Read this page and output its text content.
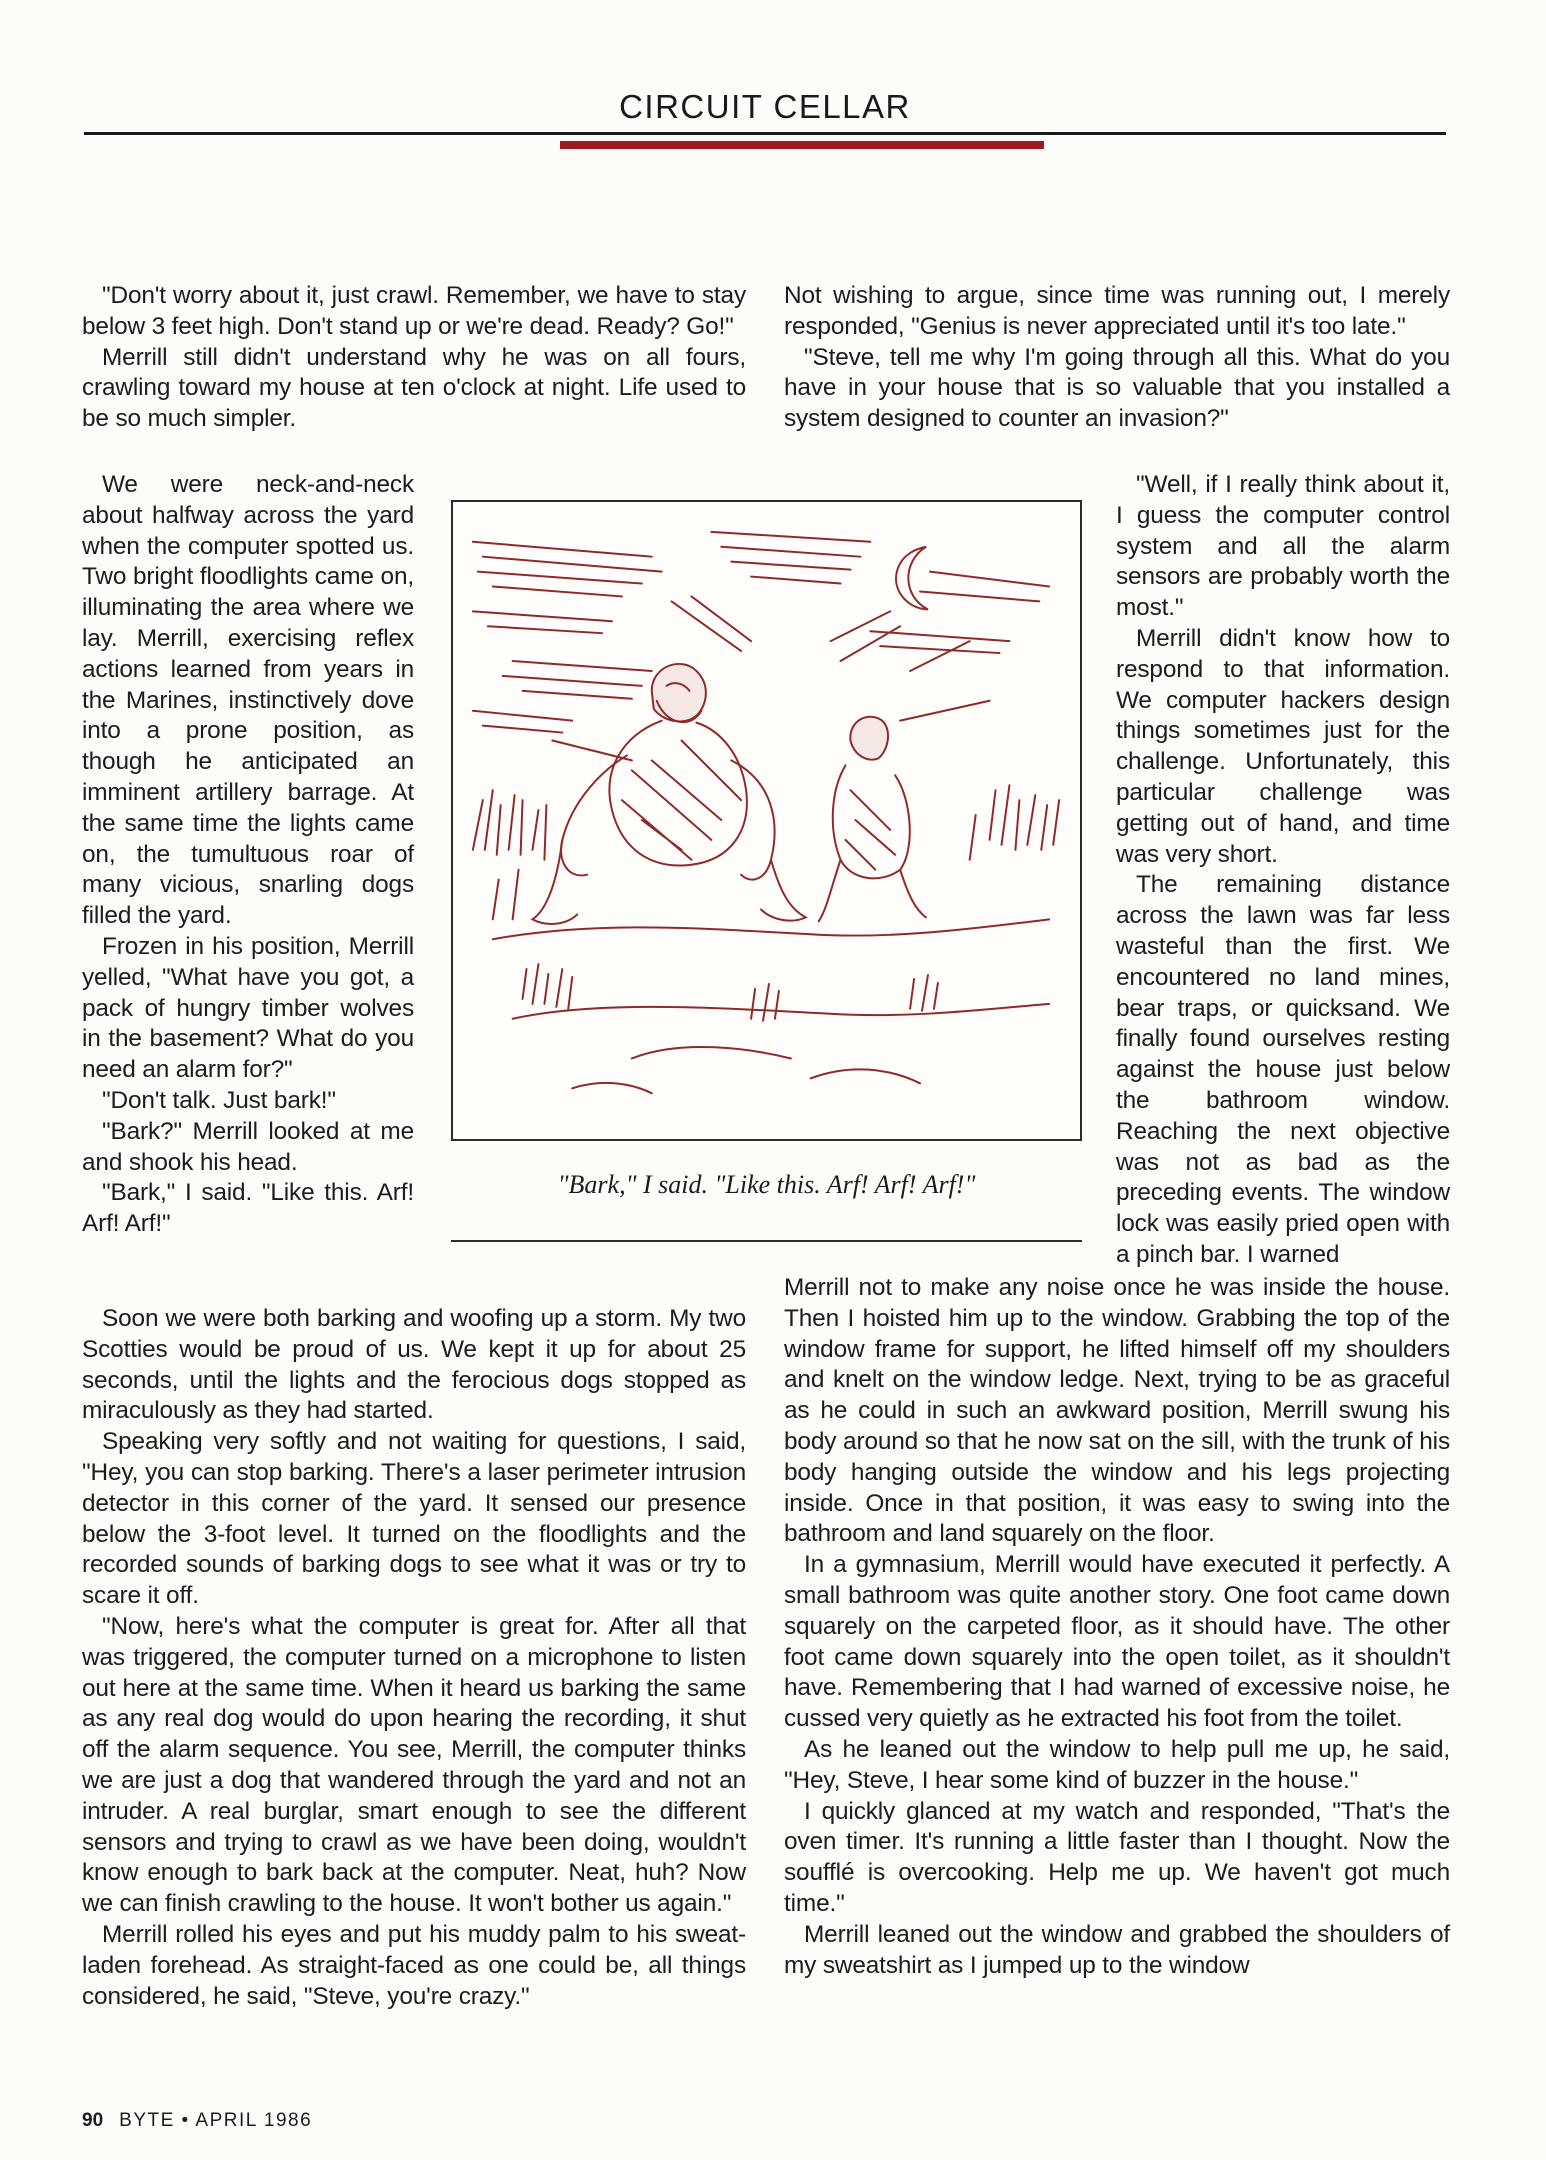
CIRCUIT CELLAR

"Don't worry about it, just crawl. Remember, we have to stay below 3 feet high. Don't stand up or we're dead. Ready? Go!"

Merrill still didn't understand why he was on all fours, crawling toward my house at ten o'clock at night. Life used to be so much simpler.

We were neck-and-neck about halfway across the yard when the computer spotted us. Two bright floodlights came on, illuminating the area where we lay. Merrill, exercising reflex actions learned from years in the Marines, instinctively dove into a prone position, as though he anticipated an imminent artillery barrage. At the same time the lights came on, the tumultuous roar of many vicious, snarling dogs filled the yard.

Frozen in his position, Merrill yelled, "What have you got, a pack of hungry timber wolves in the basement? What do you need an alarm for?"

"Don't talk. Just bark!"

"Bark?" Merrill looked at me and shook his head.

"Bark," I said. "Like this. Arf! Arf! Arf!"

Soon we were both barking and woofing up a storm. My two Scotties would be proud of us. We kept it up for about 25 seconds, until the lights and the ferocious dogs stopped as miraculously as they had started.

Speaking very softly and not waiting for questions, I said, "Hey, you can stop barking. There's a laser perimeter intrusion detector in this corner of the yard. It sensed our presence below the 3-foot level. It turned on the floodlights and the recorded sounds of barking dogs to see what it was or try to scare it off.

"Now, here's what the computer is great for. After all that was triggered, the computer turned on a microphone to listen out here at the same time. When it heard us barking the same as any real dog would do upon hearing the recording, it shut off the alarm sequence. You see, Merrill, the computer thinks we are just a dog that wandered through the yard and not an intruder. A real burglar, smart enough to see the different sensors and trying to crawl as we have been doing, wouldn't know enough to bark back at the computer. Neat, huh? Now we can finish crawling to the house. It won't bother us again."

Merrill rolled his eyes and put his muddy palm to his sweat-laden forehead. As straight-faced as one could be, all things considered, he said, "Steve, you're crazy."

Not wishing to argue, since time was running out, I merely responded, "Genius is never appreciated until it's too late."

"Steve, tell me why I'm going through all this. What do you have in your house that is so valuable that you installed a system designed to counter an invasion?"

"Well, if I really think about it, I guess the computer control system and all the alarm sensors are probably worth the most."

Merrill didn't know how to respond to that information. We computer hackers design things sometimes just for the challenge. Unfortunately, this particular challenge was getting out of hand, and time was very short.

The remaining distance across the lawn was far less wasteful than the first. We encountered no land mines, bear traps, or quicksand. We finally found ourselves resting against the house just below the bathroom window. Reaching the next objective was not as bad as the preceding events. The window lock was easily pried open with a pinch bar. I warned

Merrill not to make any noise once he was inside the house. Then I hoisted him up to the window. Grabbing the top of the window frame for support, he lifted himself off my shoulders and knelt on the window ledge. Next, trying to be as graceful as he could in such an awkward position, Merrill swung his body around so that he now sat on the sill, with the trunk of his body hanging outside the window and his legs projecting inside. Once in that position, it was easy to swing into the bathroom and land squarely on the floor.

In a gymnasium, Merrill would have executed it perfectly. A small bathroom was quite another story. One foot came down squarely on the carpeted floor, as it should have. The other foot came down squarely into the open toilet, as it shouldn't have. Remembering that I had warned of excessive noise, he cussed very quietly as he extracted his foot from the toilet.

As he leaned out the window to help pull me up, he said, "Hey, Steve, I hear some kind of buzzer in the house."

I quickly glanced at my watch and responded, "That's the oven timer. It's running a little faster than I thought. Now the soufflé is overcooking. Help me up. We haven't got much time."

Merrill leaned out the window and grabbed the shoulders of my sweatshirt as I jumped up to the window

"Bark," I said. "Like this. Arf! Arf! Arf!"
90 BYTE • APRIL 1986
